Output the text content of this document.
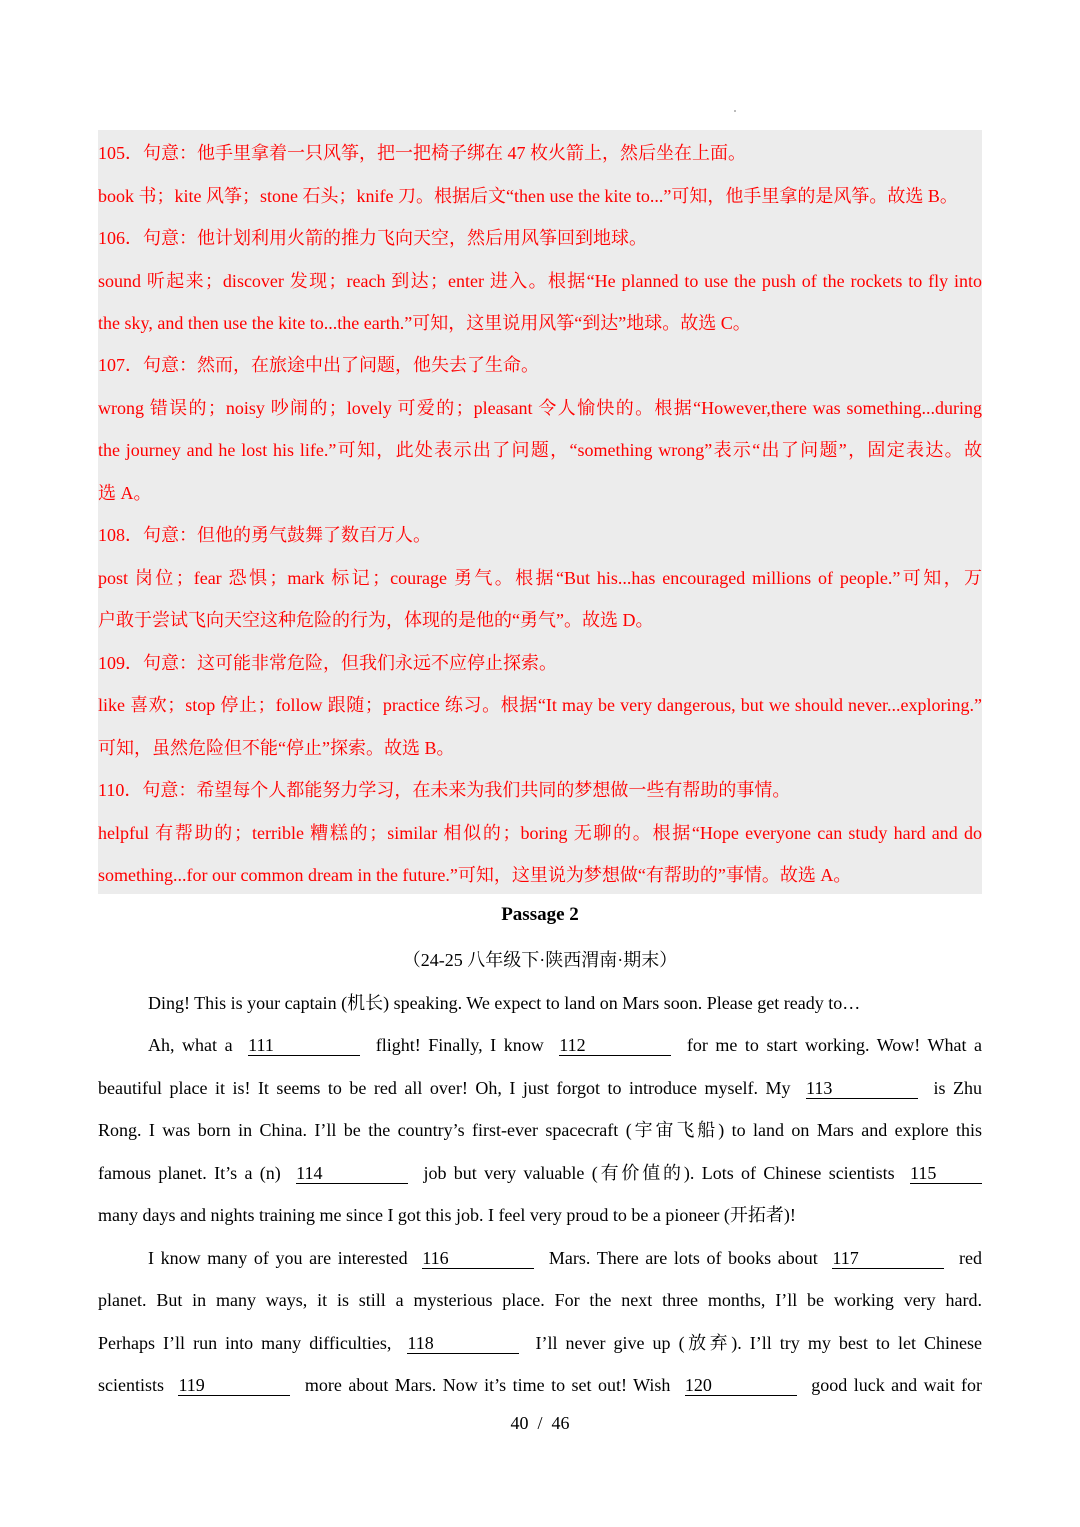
105．句意：他手里拿着一只风筝，把一把椅子绑在 47 枚火箭上，然后坐在上面。
book 书；kite 风筝；stone 石头；knife 刀。根据后文“then use the kite to...”可知，他手里拿的是风筝。故选 B。
106．句意：他计划利用火箭的推力飞向天空，然后用风筝回到地球。
sound 听起来；discover 发现；reach 到达；enter 进入。根据“He planned to use the push of the rockets to fly into
the sky, and then use the kite to...the earth.”可知，这里说用风筝“到达”地球。故选 C。
107．句意：然而，在旅途中出了问题，他失去了生命。
wrong 错误的；noisy 吵闹的；lovely 可爱的；pleasant 令人愉快的。根据“However,there was something...during
the journey and he lost his life.”可知，此处表示出了问题，“something wrong”表示“出了问题”，固定表达。故
选 A。
108．句意：但他的勇气鼓舞了数百万人。
post 岗位；fear 恐惧；mark 标记；courage 勇气。根据“But his...has encouraged millions of people.”可知，万
户敢于尝试飞向天空这种危险的行为，体现的是他的“勇气”。故选 D。
109．句意：这可能非常危险，但我们永远不应停止探索。
like 喜欢；stop 停止；follow 跟随；practice 练习。根据“It may be very dangerous, but we should never...exploring.”
可知，虽然危险但不能“停止”探索。故选 B。
110．句意：希望每个人都能努力学习，在未来为我们共同的梦想做一些有帮助的事情。
helpful 有帮助的；terrible 糟糕的；similar 相似的；boring 无聊的。根据“Hope everyone can study hard and do
something...for our common dream in the future.”可知，这里说为梦想做“有帮助的”事情。故选 A。
Passage 2
（24-25 八年级下·陕西渭南·期末）
Ding! This is your captain (机长) speaking. We expect to land on Mars soon. Please get ready to…
Ah, what a 111	flight! Finally, I know 112	for me to start working. Wow! What a
beautiful place it is! It seems to be red all over! Oh, I just forgot to introduce myself. My 113	is Zhu
Rong. I was born in China. I’ll be the country’s first-ever spacecraft (宇宙飞船) to land on Mars and explore this
famous planet. It’s a (n) 114	job but very valuable (有价值的). Lots of Chinese scientists 115
many days and nights training me since I got this job. I feel very proud to be a pioneer (开拓者)!
I know many of you are interested 116	Mars. There are lots of books about 117	red
planet. But in many ways, it is still a mysterious place. For the next three months, I’ll be working very hard.
Perhaps I’ll run into many difficulties, 118	I’ll never give up (放弃). I’ll try my best to let Chinese
scientists 119	more about Mars. Now it’s time to set out! Wish 120	good luck and wait for
40 / 46
